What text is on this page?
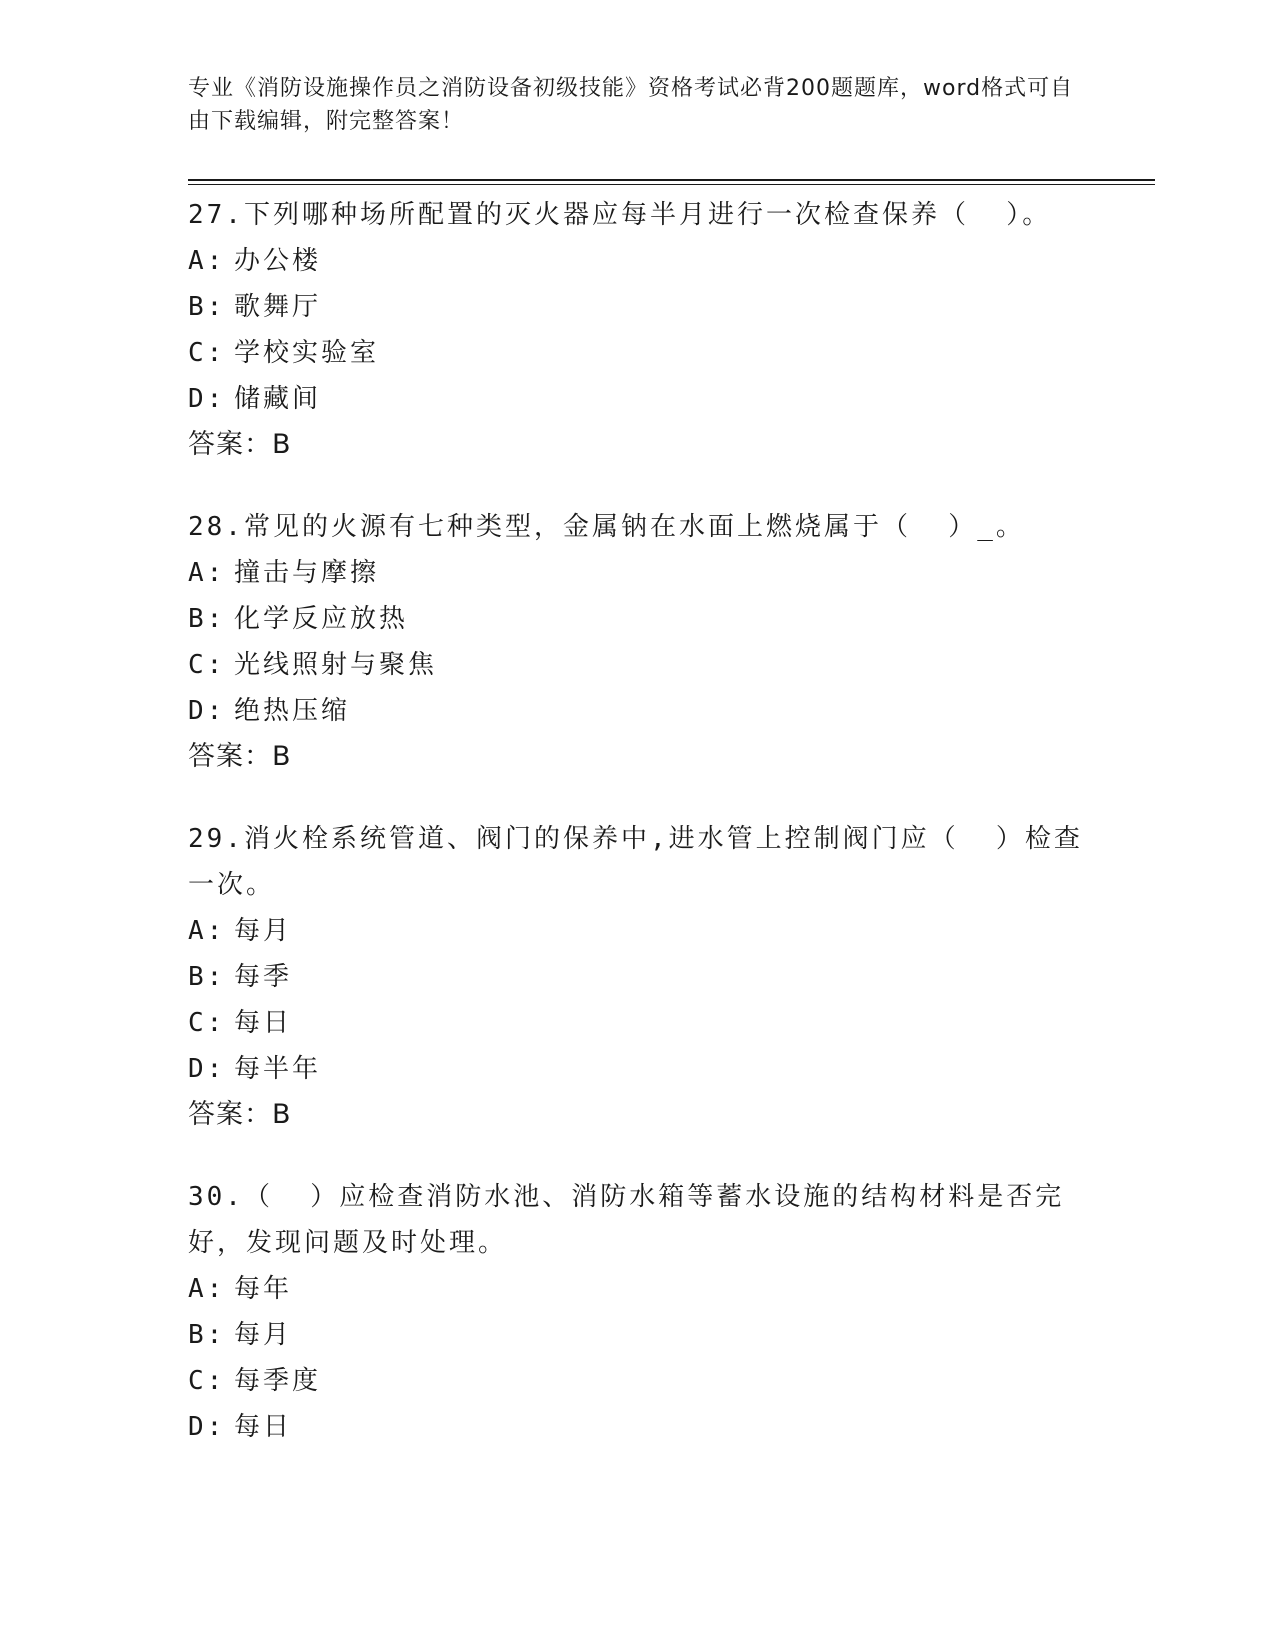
专业《消防设施操作员之消防设备初级技能》资格考试必背200题题库，word格式可自由下载编辑，附完整答案！
27.下列哪种场所配置的灭火器应每半月进行一次检查保养（  ）。
A: 办公楼
B: 歌舞厅
C: 学校实验室
D: 储藏间
答案：B
28.常见的火源有七种类型，金属钠在水面上燃烧属于（  ）_。
A: 撞击与摩擦
B: 化学反应放热
C: 光线照射与聚焦
D: 绝热压缩
答案：B
29.消火栓系统管道、阀门的保养中,进水管上控制阀门应（  ）检查一次。
A: 每月
B: 每季
C: 每日
D: 每半年
答案：B
30.（  ）应检查消防水池、消防水箱等蓄水设施的结构材料是否完好，发现问题及时处理。
A: 每年
B: 每月
C: 每季度
D: 每日
